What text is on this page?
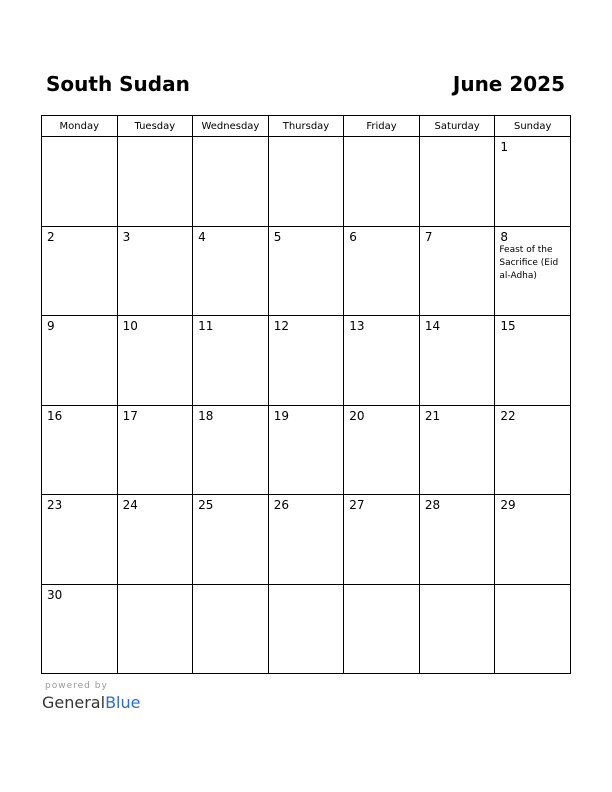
South Sudan	June 2025
Monday	Tuesday	Wednesday	Thursday	Friday	Saturday	Sunday

						1

2	3	4	5	6	7	8
Feast of the Sacrifice (Eid al-Adha)

9	10	11	12	13	14	15

16	17	18	19	20	21	22

23	24	25	26	27	28	29

30						

powered by
GeneralBlue
